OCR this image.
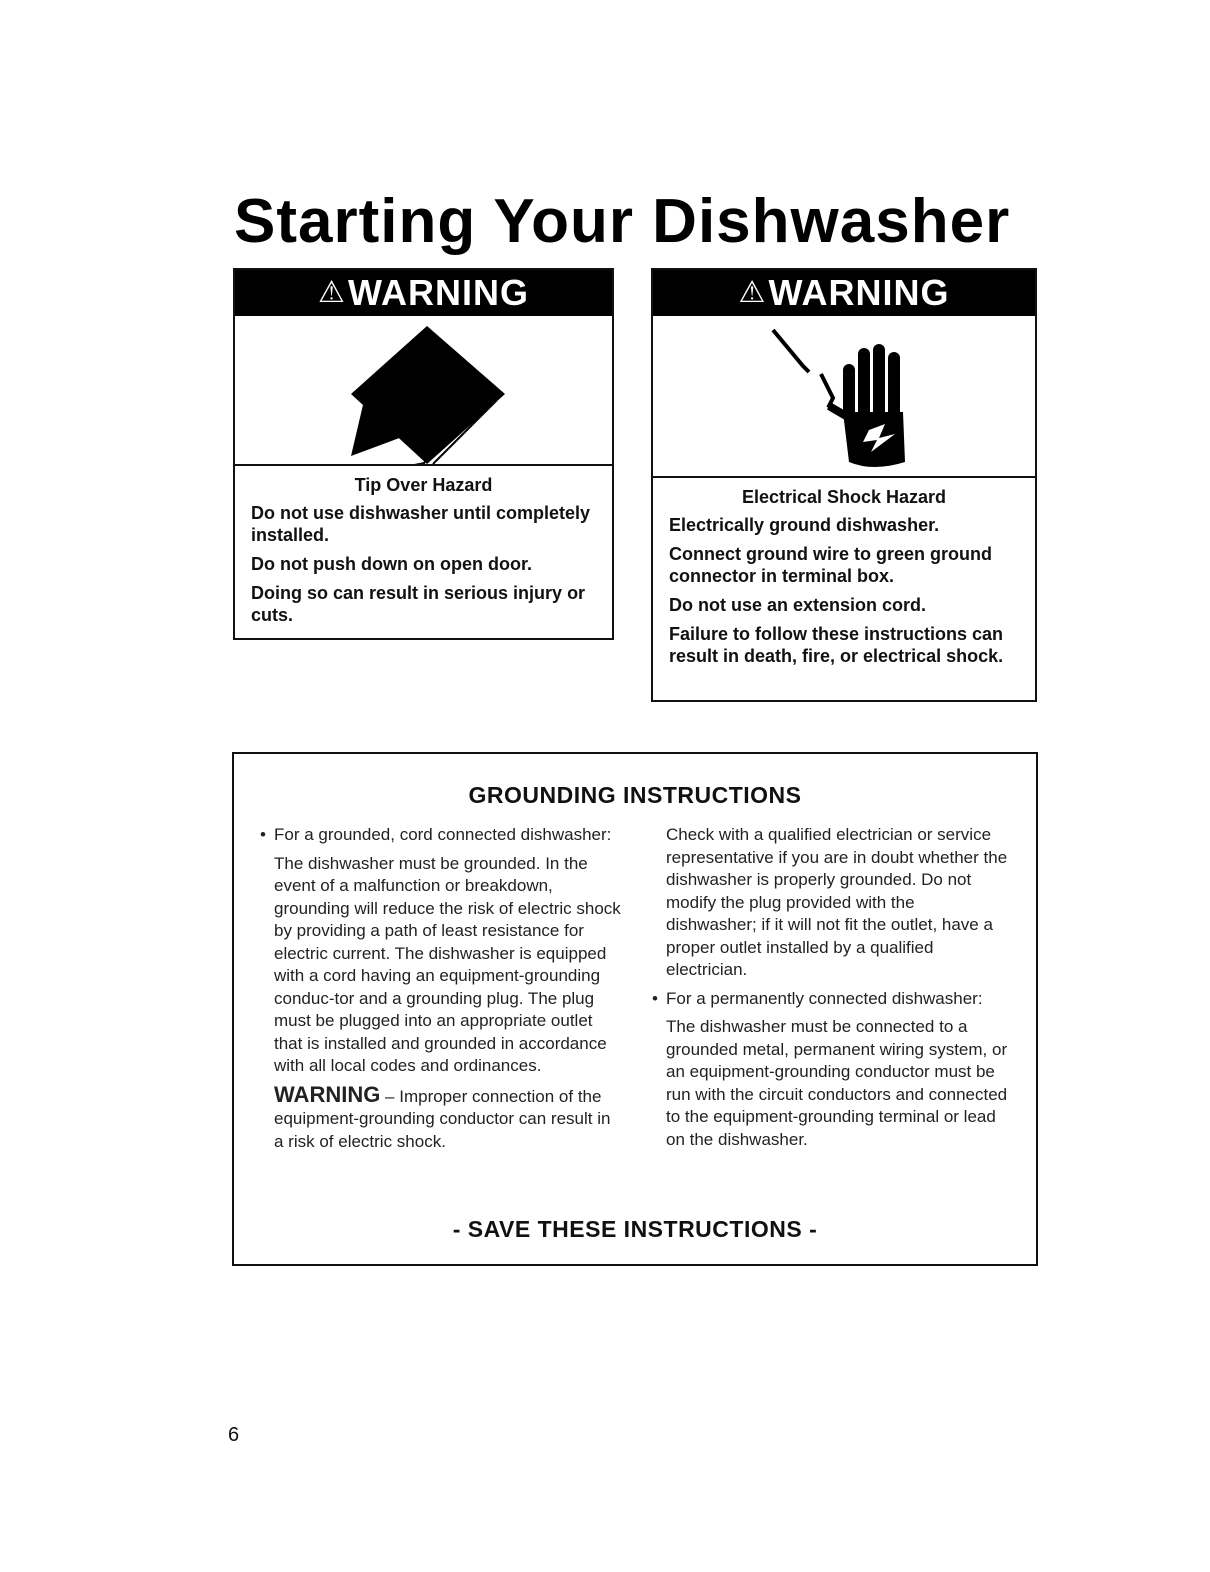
Starting Your Dishwasher
⚠ WARNING
Tip Over Hazard

Do not use dishwasher until completely installed.

Do not push down on open door.

Doing so can result in serious injury or cuts.

⚠ WARNING
Electrical Shock Hazard

Electrically ground dishwasher.

Connect ground wire to green ground connector in terminal box.

Do not use an extension cord.

Failure to follow these instructions can result in death, fire, or electrical shock.

GROUNDING INSTRUCTIONS
• For a grounded, cord connected dishwasher:

The dishwasher must be grounded. In the event of a malfunction or breakdown, grounding will reduce the risk of electric shock by providing a path of least resistance for electric current. The dishwasher is equipped with a cord having an equipment-grounding conduc-tor and a grounding plug. The plug must be plugged into an appropriate outlet that is installed and grounded in accordance with all local codes and ordinances.

WARNING – Improper connection of the equipment-grounding conductor can result in a risk of electric shock.

Check with a qualified electrician or service representative if you are in doubt whether the dishwasher is properly grounded. Do not modify the plug provided with the dishwasher; if it will not fit the outlet, have a proper outlet installed by a qualified electrician.

• For a permanently connected dishwasher:

The dishwasher must be connected to a grounded metal, permanent wiring system, or an equipment-grounding conductor must be run with the circuit conductors and connected to the equipment-grounding terminal or lead on the dishwasher.

- SAVE THESE INSTRUCTIONS -
6
